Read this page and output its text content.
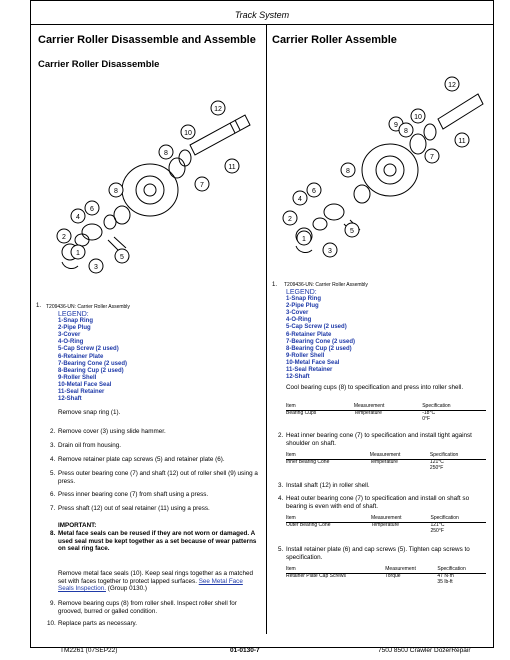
Track System
Carrier Roller Disassemble and Assemble Carrier Roller Assemble
Carrier Roller Disassemble
12
10
8
11
8
7
6
4
5
2
1
3
12
9
10
8
11
7
6
4
8
5
2
1
3
1. T209436-UN: Carrier Roller Assembly
LEGEND:
1-Snap Ring
2-Pipe Plug
3-Cover
4-O-Ring
5-Cap Screw (2 used)
6-Retainer Plate
7-Bearing Cone (2 used)
8-Bearing Cup (2 used)
9-Roller Shell
10-Metal Face Seal
11-Seal Retainer
12-Shaft
Remove snap ring (1).
2. Remove cover (3) using slide hammer.
3. Drain oil from housing.
4. Remove retainer plate cap screws (5) and retainer plate (6).
5. Press outer bearing cone (7) and shaft (12) out of roller shell (9) using a press.
6. Press inner bearing cone (7) from shaft using a press.
7. Press shaft (12) out of seal retainer (11) using a press.
IMPORTANT:
8. Metal face seals can be reused if they are not worn or damaged. A used seal must be kept together as a set because of wear patterns on seal ring face.
Remove metal face seals (10). Keep seal rings together as a matched set with faces together to protect lapped surfaces. See Metal Face Seals Inspection. (Group 0130.)
9. Remove bearing cups (8) from roller shell. Inspect roller shell for grooved, burred or galled condition.
10. Replace parts as necessary.
1. T209436-UN: Carrier Roller Assembly
LEGEND:
1-Snap Ring
2-Pipe Plug
3-Cover
4-O-Ring
5-Cap Screw (2 used)
6-Retainer Plate
7-Bearing Cone (2 used)
8-Bearing Cup (2 used)
9-Roller Shell
10-Metal Face Seal
11-Seal Retainer
12-Shaft
Cool bearing cups (8) to specification and press into roller shell.
Item	Measurement	Specification
Bearing Cups	Temperature	-18°C
0°F
2. Heat inner bearing cone (7) to specification and install tight against shoulder on shaft.
Item	Measurement	Specification
Inner Bearing Cone	Temperature	121°C
250°F
3. Install shaft (12) in roller shell.
4. Heat outer bearing cone (7) to specification and install on shaft so bearing is even with end of shaft.
Item	Measurement	Specification
Outer Bearing Cone	Temperature	121°C
250°F
5. Install retainer plate (6) and cap screws (5). Tighten cap screws to specification.
Item	Measurement	Specification
Retainer Plate Cap Screws	Torque	47 N·m
35 lb-ft
TM2261 (07SEP22)	01-0130-7	750J 850J Crawler DozerRepair
